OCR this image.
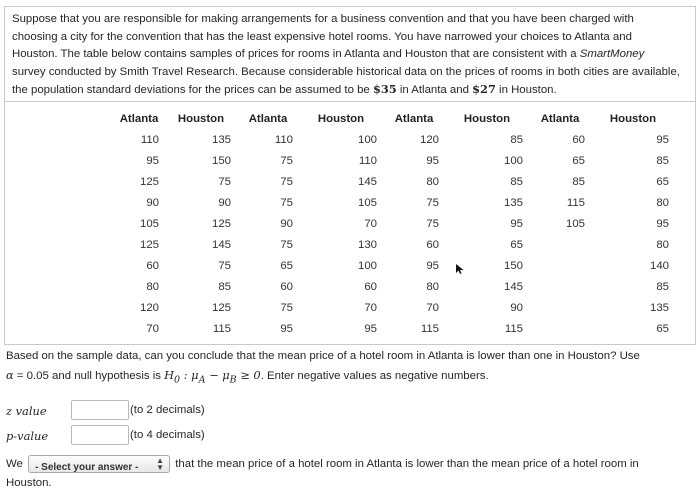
Suppose that you are responsible for making arrangements for a business convention and that you have been charged with
choosing a city for the convention that has the least expensive hotel rooms. You have narrowed your choices to Atlanta and
Houston. The table below contains samples of prices for rooms in Atlanta and Houston that are consistent with a SmartMoney
survey conducted by Smith Travel Research. Because considerable historical data on the prices of rooms in both cities are available,
the population standard deviations for the prices can be assumed to be $35 in Atlanta and $27 in Houston.
Atlanta	Houston	Atlanta	Houston	Atlanta	Houston	Atlanta	Houston
110	135	110	100	120	85	60	95
95	150	75	110	95	100	65	85
125	75	75	145	80	85	85	65
90	90	75	105	75	135	115	80
105	125	90	70	75	95	105	95
125	145	75	130	60	65		80
60	75	65	100	95	150		140
80	85	60	60	80	145		85
120	125	75	70	70	90		135
70	115	95	95	115	115		65
Based on the sample data, can you conclude that the mean price of a hotel room in Atlanta is lower than one in Houston? Use
α = 0.05 and null hypothesis is $H_0$ : $\mu_A - \mu_B \ge 0$. Enter negative values as negative numbers.
z value	(to 2 decimals)
p-value	(to 4 decimals)
We - Select your answer -
▲
▼ that the mean price of a hotel room in Atlanta is lower than the mean price of a hotel room in
Houston.
